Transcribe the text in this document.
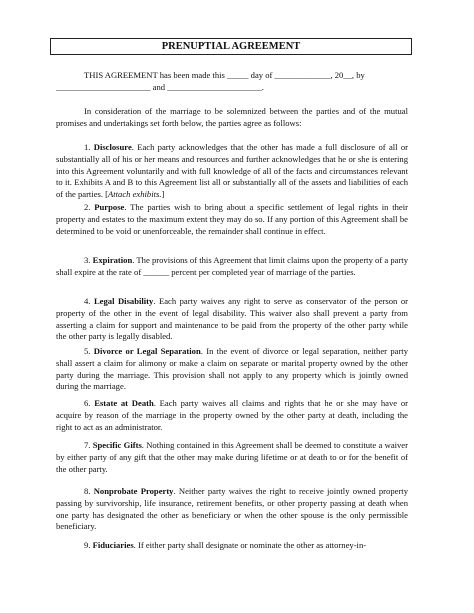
PRENUPTIAL AGREEMENT
THIS AGREEMENT has been made this _____ day of _____________, 20__, by
______________________ and ______________________.
In consideration of the marriage to be solemnized between the parties and of the mutual promises and undertakings set forth below, the parties agree as follows:
1. Disclosure. Each party acknowledges that the other has made a full disclosure of all or substantially all of his or her means and resources and further acknowledges that he or she is entering into this Agreement voluntarily and with full knowledge of all of the facts and circumstances relevant to it. Exhibits A and B to this Agreement list all or substantially all of the assets and liabilities of each of the parties. [Attach exhibits.]
2. Purpose. The parties wish to bring about a specific settlement of legal rights in their property and estates to the maximum extent they may do so. If any portion of this Agreement shall be determined to be void or unenforceable, the remainder shall continue in effect.
3. Expiration. The provisions of this Agreement that limit claims upon the property of a party shall expire at the rate of ______ percent per completed year of marriage of the parties.
4. Legal Disability. Each party waives any right to serve as conservator of the person or property of the other in the event of legal disability. This waiver also shall prevent a party from asserting a claim for support and maintenance to be paid from the property of the other party while the other party is legally disabled.
5. Divorce or Legal Separation. In the event of divorce or legal separation, neither party shall assert a claim for alimony or make a claim on separate or marital property owned by the other party during the marriage. This provision shall not apply to any property which is jointly owned during the marriage.
6. Estate at Death. Each party waives all claims and rights that he or she may have or acquire by reason of the marriage in the property owned by the other party at death, including the right to act as an administrator.
7. Specific Gifts. Nothing contained in this Agreement shall be deemed to constitute a waiver by either party of any gift that the other may make during lifetime or at death to or for the benefit of the other party.
8. Nonprobate Property. Neither party waives the right to receive jointly owned property passing by survivorship, life insurance, retirement benefits, or other property passing at death when one party has designated the other as beneficiary or when the other spouse is the only permissible beneficiary.
9. Fiduciaries. If either party shall designate or nominate the other as attorney-in-
